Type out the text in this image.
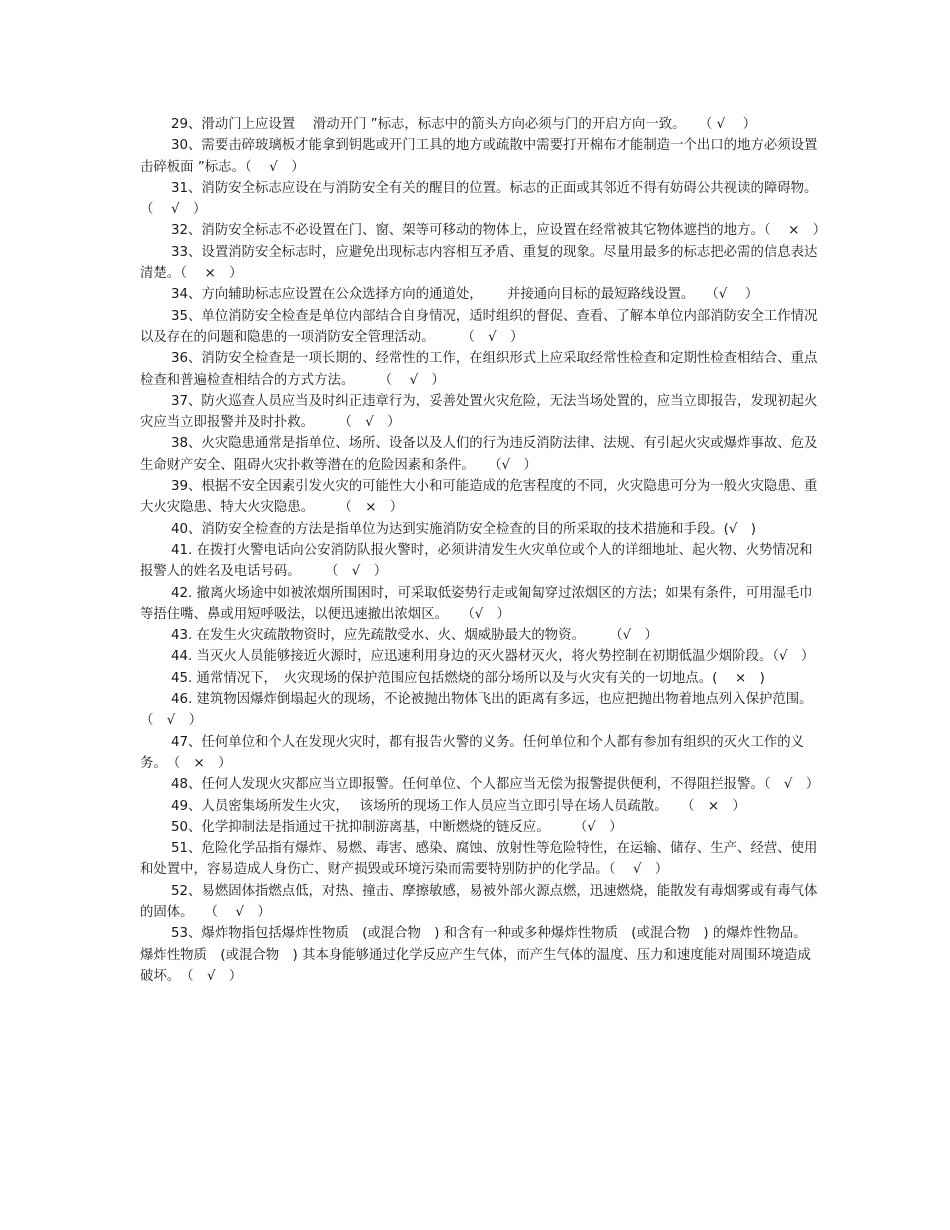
29、滑动门上应设置　 滑动开门 ”标志，标志中的箭头方向必须与门的开启方向一致。　　（ √　 ）
30、需要击碎玻璃板才能拿到钥匙或开门工具的地方或疏散中需要打开棉布才能制造一个出口的地方必须设置　 击碎板面 ”标志。（　 √　）
31、消防安全标志应设在与消防安全有关的醒目的位置。标志的正面或其邻近不得有妨碍公共视读的障碍物。（　 √　）
32、消防安全标志不必设置在门、窗、架等可移动的物体上，应设置在经常被其它物体遮挡的地方。（　 ×　）
33、设置消防安全标志时，应避免出现标志内容相互矛盾、重复的现象。尽量用最多的标志把必需的信息表达清楚。（　 ×　）
34、方向辅助标志应设置在公众选择方向的通道处，　　 并接通向目标的最短路线设置。　 （√　 ）
35、单位消防安全检查是单位内部结合自身情况，适时组织的督促、查看、了解本单位内部消防安全工作情况以及存在的问题和隐患的一项消防安全管理活动。　　　（　√　）
36、消防安全检查是一项长期的、经常性的工作，在组织形式上应采取经常性检查和定期性检查相结合、重点检查和普遍检查相结合的方式方法。　　 （　 √　）
37、防火巡查人员应当及时纠正违章行为，妥善处置火灾危险，无法当场处置的，应当立即报告，发现初起火灾应当立即报警并及时扑救。　　 （　√　）
38、火灾隐患通常是指单位、场所、设备以及人们的行为违反消防法律、法规、有引起火灾或爆炸事故、危及生命财产安全、阻碍火灾扑救等潜在的危险因素和条件。　　（√　）
39、根据不安全因素引发火灾的可能性大小和可能造成的危害程度的不同，火灾隐患可分为一般火灾隐患、重大火灾隐患、特大火灾隐患。　　 （　×　）
40、消防安全检查的方法是指单位为达到实施消防安全检查的目的所采取的技术措施和手段。(√　)
41. 在拨打火警电话向公安消防队报火警时，必须讲清发生火灾单位或个人的详细地址、起火物、火势情况和报警人的姓名及电话号码。　　 （　√　）
42. 撤离火场途中如被浓烟所围困时，可采取低姿势行走或匍匐穿过浓烟区的方法；如果有条件，可用湿毛巾等捂住嘴、鼻或用短呼吸法，以便迅速撤出浓烟区。　　（√　）
43. 在发生火灾疏散物资时，应先疏散受水、火、烟威胁最大的物资。　　 （√　）
44. 当灭火人员能够接近火源时，应迅速利用身边的灭火器材灭火，将火势控制在初期低温少烟阶段。（√　）
45. 通常情况下，　火灾现场的保护范围应包括燃烧的部分场所以及与火灾有关的一切地点。(　 ×　)
46. 建筑物因爆炸倒塌起火的现场，不论被抛出物体飞出的距离有多远，也应把抛出物着地点列入保护范围。　（　√　）
47、任何单位和个人在发现火灾时，都有报告火警的义务。任何单位和个人都有参加有组织的灭火工作的义务。　（　×　）
48、任何人发现火灾都应当立即报警。任何单位、个人都应当无偿为报警提供便利，不得阻拦报警。（　√　）
49、人员密集场所发生火灾，　 该场所的现场工作人员应当立即引导在场人员疏散。　　（　×　）
50、化学抑制法是指通过干扰抑制游离基，中断燃烧的链反应。　　 （√　）
51、危险化学品指有爆炸、易燃、毒害、感染、腐蚀、放射性等危险特性，在运输、储存、生产、经营、使用和处置中，容易造成人身伤亡、财产损毁或环境污染而需要特别防护的化学品。（　 √　）
52、易燃固体指燃点低，对热、撞击、摩擦敏感，易被外部火源点燃，迅速燃烧，能散发有毒烟雾或有毒气体的固体。　 （　 √　）
53、爆炸物指包括爆炸性物质　(或混合物　) 和含有一种或多种爆炸性物质　(或混合物　) 的爆炸性物品。爆炸性物质　(或混合物　) 其本身能够通过化学反应产生气体，而产生气体的温度、压力和速度能对周围环境造成破坏。　（　√　）
